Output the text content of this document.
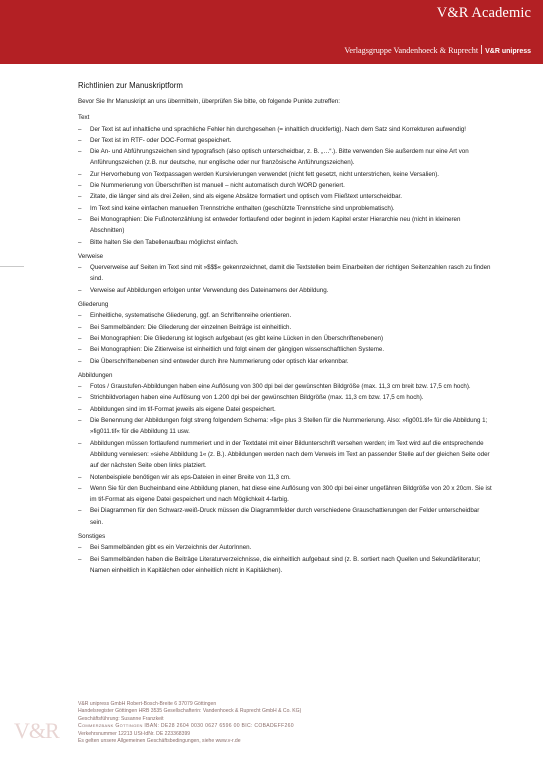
V&R Academic
Verlagsgruppe Vandenhoeck & Ruprecht V&R unipress
Richtlinien zur Manuskriptform
Bevor Sie Ihr Manuskript an uns übermitteln, überprüfen Sie bitte, ob folgende Punkte zutreffen:
Text
– Der Text ist auf inhaltliche und sprachliche Fehler hin durchgesehen (= inhaltlich druckfertig). Nach dem Satz sind Korrekturen aufwendig!
– Der Text ist im RTF- oder DOC-Format gespeichert.
– Die An- und Abführungszeichen sind typografisch (also optisch unterscheidbar, z. B. „…“.). Bitte verwenden Sie außerdem nur eine Art von Anführungszeichen (z.B. nur deutsche, nur englische oder nur französische Anführungszeichen).
– Zur Hervorhebung von Textpassagen werden Kursivierungen verwendet (nicht fett gesetzt, nicht unterstrichen, keine Versalien).
– Die Nummerierung von Überschriften ist manuell – nicht automatisch durch WORD generiert.
– Zitate, die länger sind als drei Zeilen, sind als eigene Absätze formatiert und optisch vom Fließtext unterscheidbar.
– Im Text sind keine einfachen manuellen Trennstriche enthalten (geschützte Trennstriche sind unproblematisch).
– Bei Monographien: Die Fußnotenzählung ist entweder fortlaufend oder beginnt in jedem Kapitel erster Hierarchie neu (nicht in kleineren Abschnitten)
– Bitte halten Sie den Tabellenaufbau möglichst einfach.
Verweise
– Querverweise auf Seiten im Text sind mit »$$$« gekennzeichnet, damit die Textstellen beim Einarbeiten der richtigen Seitenzahlen rasch zu finden sind.
– Verweise auf Abbildungen erfolgen unter Verwendung des Dateinamens der Abbildung.
Gliederung
– Einheitliche, systematische Gliederung, ggf. an Schriftenreihe orientieren.
– Bei Sammelbänden: Die Gliederung der einzelnen Beiträge ist einheitlich.
– Bei Monographien: Die Gliederung ist logisch aufgebaut (es gibt keine Lücken in den Überschriftenebenen)
– Bei Monographien: Die Zitierweise ist einheitlich und folgt einem der gängigen wissenschaftlichen Systeme.
– Die Überschriftenebenen sind entweder durch ihre Nummerierung oder optisch klar erkennbar.
Abbildungen
– Fotos / Graustufen-Abbildungen haben eine Auflösung von 300 dpi bei der gewünschten Bildgröße (max. 11,3 cm breit bzw. 17,5 cm hoch).
– Strichbildvorlagen haben eine Auflösung von 1.200 dpi bei der gewünschten Bildgröße (max. 11,3 cm bzw. 17,5 cm hoch).
– Abbildungen sind im tif-Format jeweils als eigene Datei gespeichert.
– Die Benennung der Abbildungen folgt streng folgendem Schema: »fig« plus 3 Stellen für die Nummerierung. Also: »fig001.tif« für die Abbildung 1; »fig011.tif« für die Abbildung 11 usw.
– Abbildungen müssen fortlaufend nummeriert und in der Textdatei mit einer Bildunterschrift versehen werden; im Text wird auf die entsprechende Abbildung verwiesen: »siehe Abbildung 1« (z. B.). Abbildungen werden nach dem Verweis im Text an passender Stelle auf der gleichen Seite oder auf der nächsten Seite oben links platziert.
– Notenbeispiele benötigen wir als eps-Dateien in einer Breite von 11,3 cm.
– Wenn Sie für den Bucheinband eine Abbildung planen, hat diese eine Auflösung von 300 dpi bei einer ungefähren Bildgröße von 20 x 20cm. Sie ist im tif-Format als eigene Datei gespeichert und nach Möglichkeit 4-farbig.
– Bei Diagrammen für den Schwarz-weiß-Druck müssen die Diagrammfelder durch verschiedene Grauschattierungen der Felder unterscheidbar sein.
Sonstiges
– Bei Sammelbänden gibt es ein Verzeichnis der AutorInnen.
– Bei Sammelbänden haben die Beiträge Literaturverzeichnisse, die einheitlich aufgebaut sind (z. B. sortiert nach Quellen und Sekundärliteratur; Namen einheitlich in Kapitälchen oder einheitlich nicht in Kapitälchen).
V&R
V&R unipress GmbH Robert-Bosch-Breite 6 37079 Göttingen
Handelsregister Göttingen HRB 3535 Gesellschafterin: Vandenhoeck & Ruprecht GmbH & Co. KG)
Geschäftsführung: Susanne Franzkeit
Commerzbank Göttingen IBAN: DE28 2604 0030 0627 6596 00 BIC: COBADEFF260
Verkehrsnummer 12213 USt-IdNr. DE 223368399
Es gelten unsere Allgemeinen Geschäftsbedingungen, siehe www.v-r.de
